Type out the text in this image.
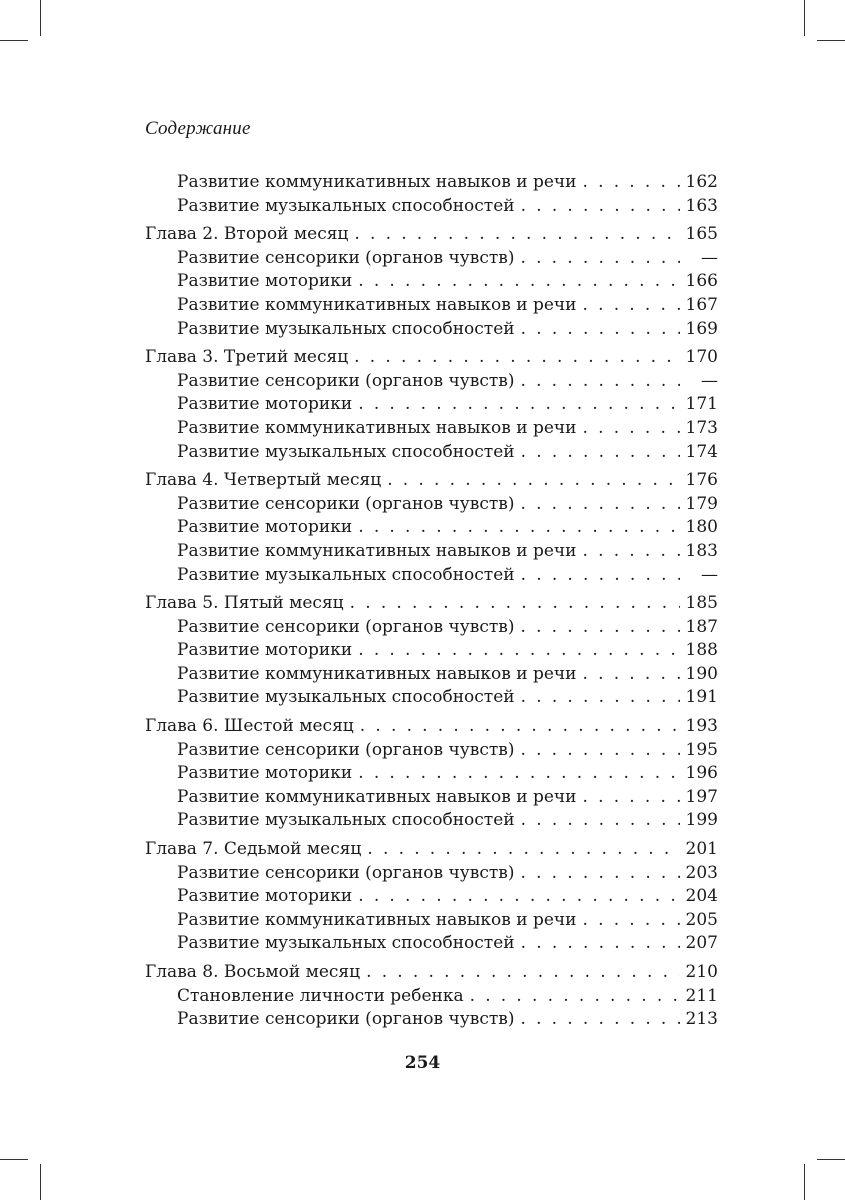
Содержание
Развитие коммуникативных навыков и речи . . .	162
Развитие музыкальных способностей . . .	163
Глава 2. Второй месяц . . .	165
Развитие сенсорики (органов чувств) . . .	—
Развитие моторики . . .	166
Развитие коммуникативных навыков и речи . . .	167
Развитие музыкальных способностей . . .	169
Глава 3. Третий месяц . . .	170
Развитие сенсорики (органов чувств) . . .	—
Развитие моторики . . .	171
Развитие коммуникативных навыков и речи . . .	173
Развитие музыкальных способностей . . .	174
Глава 4. Четвертый месяц . . .	176
Развитие сенсорики (органов чувств) . . .	179
Развитие моторики . . .	180
Развитие коммуникативных навыков и речи . . .	183
Развитие музыкальных способностей . . .	—
Глава 5. Пятый месяц . . .	185
Развитие сенсорики (органов чувств) . . .	187
Развитие моторики . . .	188
Развитие коммуникативных навыков и речи . . .	190
Развитие музыкальных способностей . . .	191
Глава 6. Шестой месяц . . .	193
Развитие сенсорики (органов чувств) . . .	195
Развитие моторики . . .	196
Развитие коммуникативных навыков и речи . . .	197
Развитие музыкальных способностей . . .	199
Глава 7. Седьмой месяц . . .	201
Развитие сенсорики (органов чувств) . . .	203
Развитие моторики . . .	204
Развитие коммуникативных навыков и речи . . .	205
Развитие музыкальных способностей . . .	207
Глава 8. Восьмой месяц . . .	210
Становление личности ребенка . . .	211
Развитие сенсорики (органов чувств) . . .	213
254
